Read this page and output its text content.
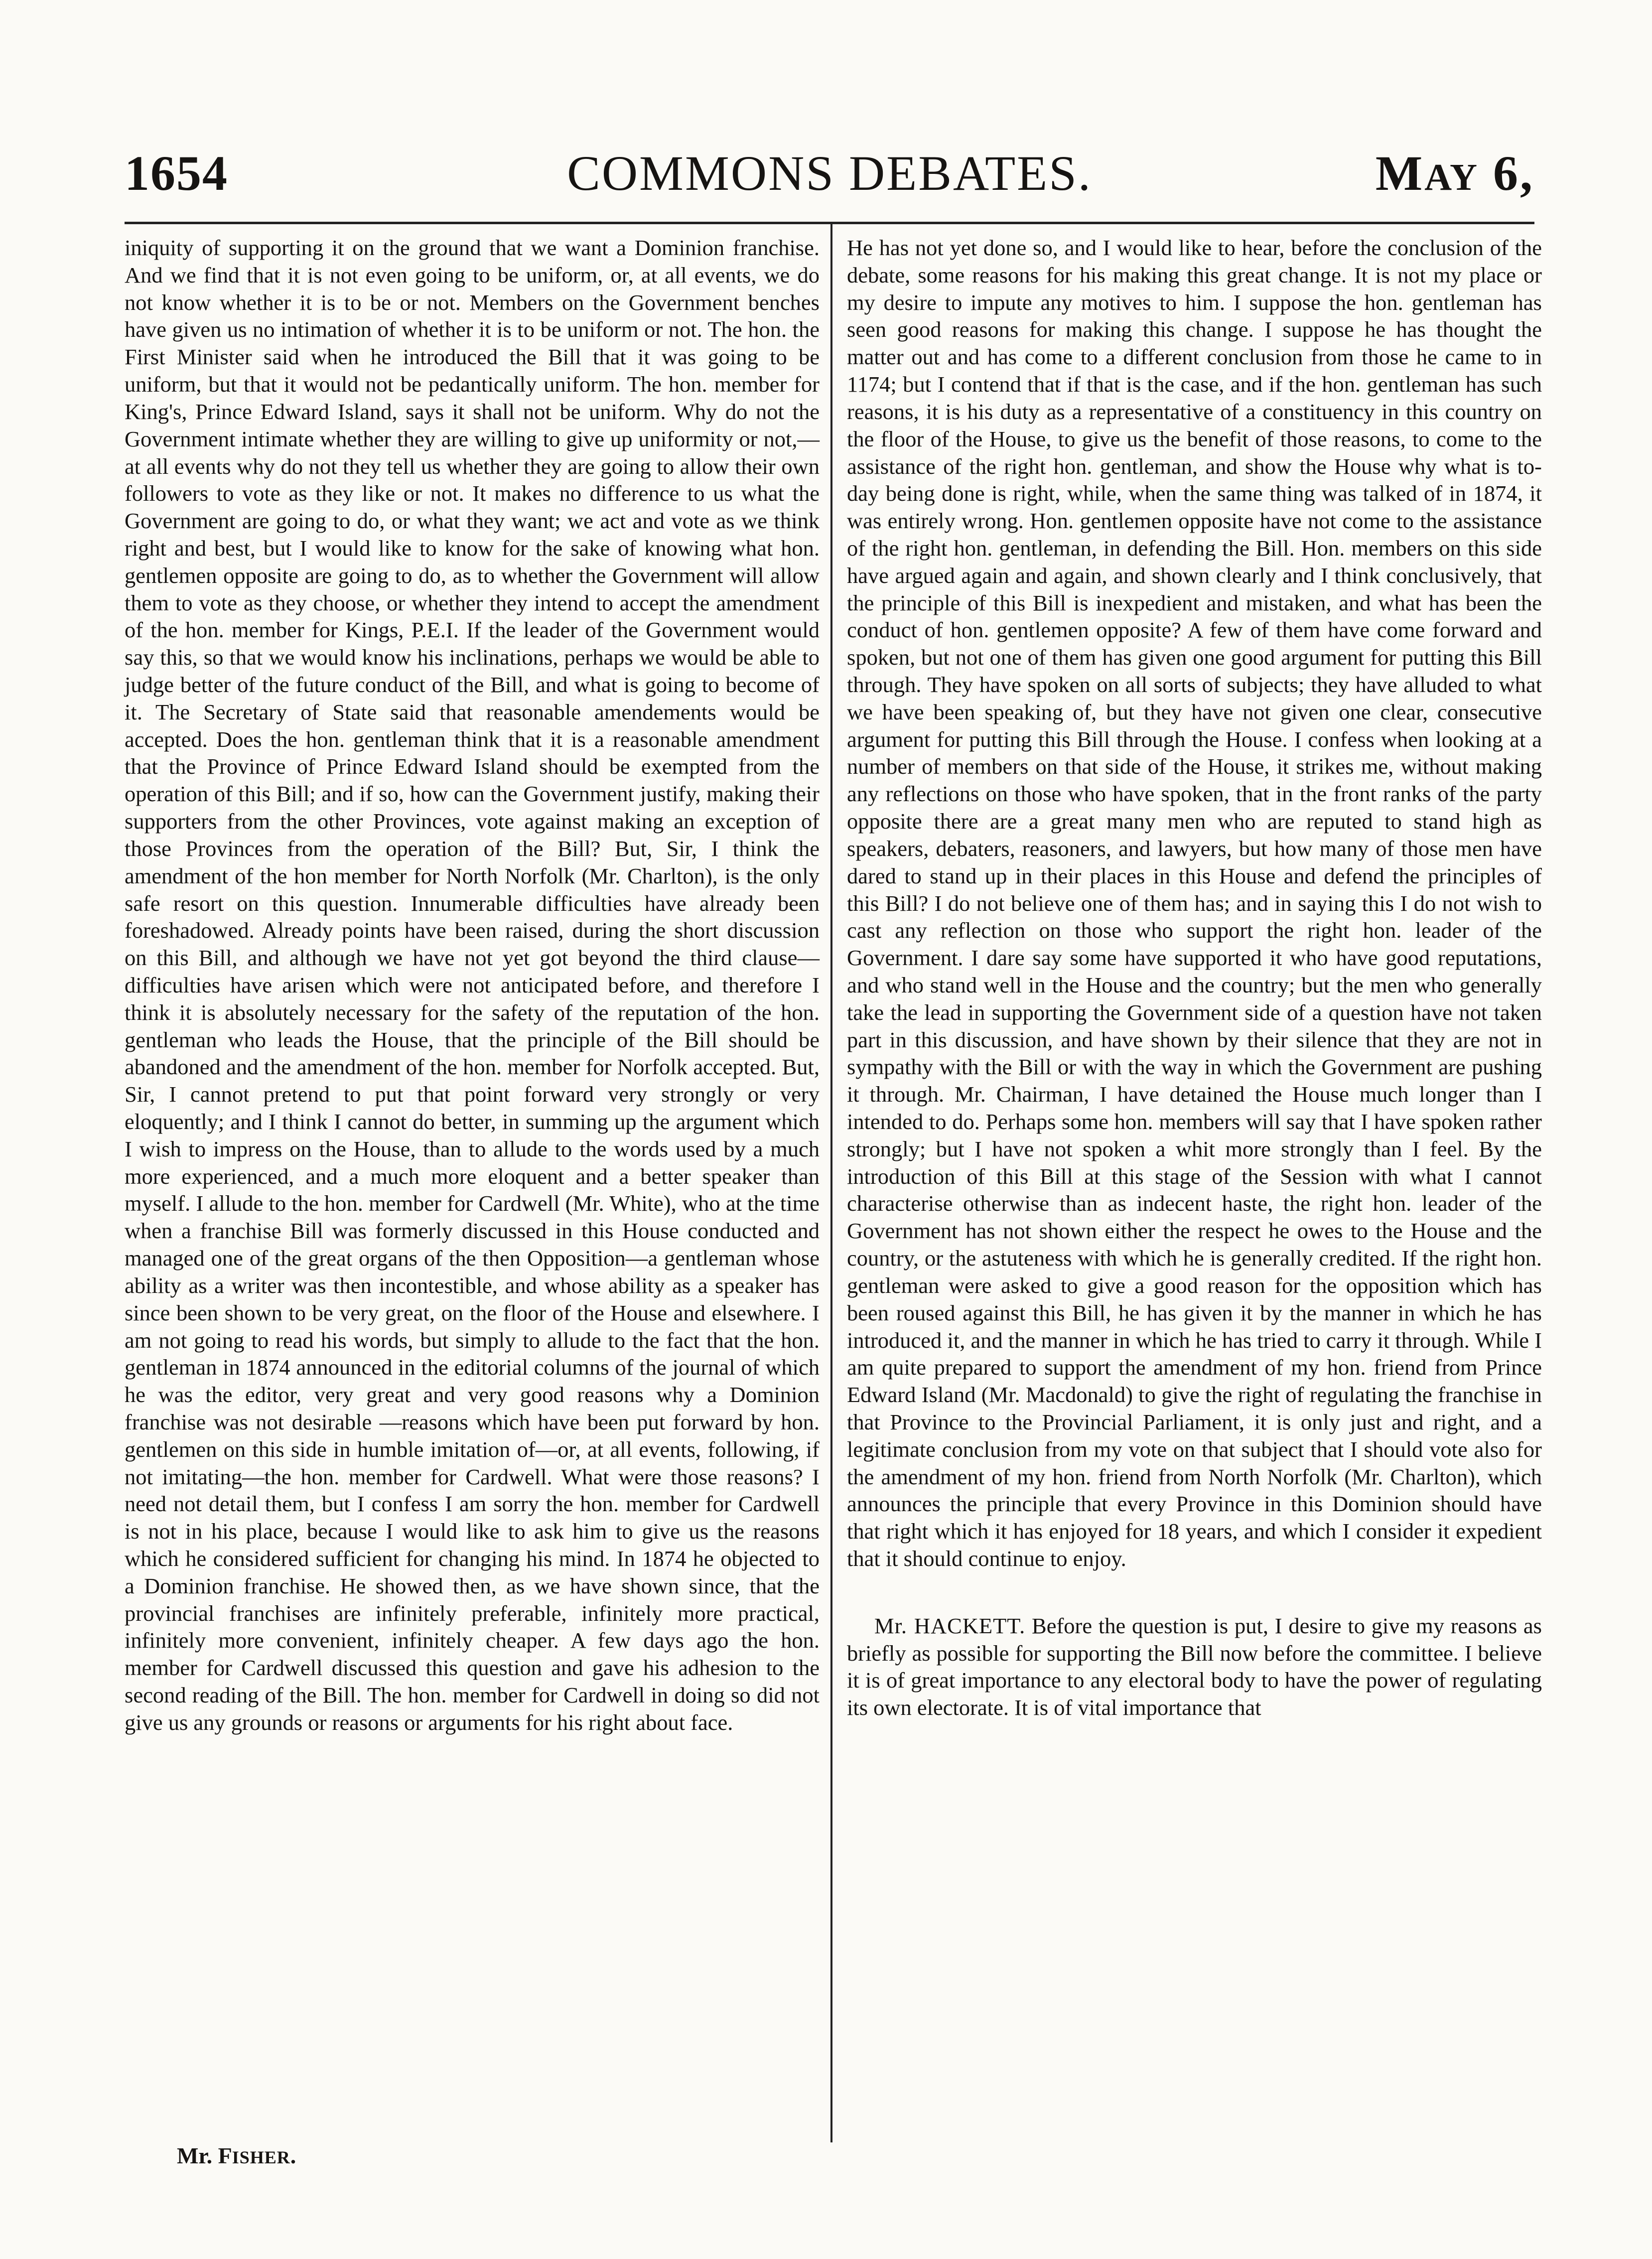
1654	COMMONS DEBATES.	MAY 6,

iniquity of supporting it on the ground that we want a Dominion franchise. And we find that it is not even going to be uniform, or, at all events, we do not know whether it is to be or not. Members on the Government benches have given us no intimation of whether it is to be uniform or not. The hon. the First Minister said when he introduced the Bill that it was going to be uniform, but that it would not be pedantically uniform. The hon. member for King's, Prince Edward Island, says it shall not be uniform. Why do not the Government intimate whether they are willing to give up uniformity or not,—at all events why do not they tell us whether they are going to allow their own followers to vote as they like or not. It makes no difference to us what the Government are going to do, or what they want; we act and vote as we think right and best, but I would like to know for the sake of knowing what hon. gentlemen opposite are going to do, as to whether the Government will allow them to vote as they choose, or whether they intend to accept the amendment of the hon. member for Kings, P.E.I. If the leader of the Government would say this, so that we would know his inclinations, perhaps we would be able to judge better of the future conduct of the Bill, and what is going to become of it. The Secretary of State said that reasonable amendements would be accepted. Does the hon. gentleman think that it is a reasonable amendment that the Province of Prince Edward Island should be exempted from the operation of this Bill; and if so, how can the Government justify, making their supporters from the other Provinces, vote against making an exception of those Provinces from the operation of the Bill? But, Sir, I think the amendment of the hon member for North Norfolk (Mr. Charlton), is the only safe resort on this question. Innumerable difficulties have already been foreshadowed. Already points have been raised, during the short discussion on this Bill, and although we have not yet got beyond the third clause—difficulties have arisen which were not anticipated before, and therefore I think it is absolutely necessary for the safety of the reputation of the hon. gentleman who leads the House, that the principle of the Bill should be abandoned and the amendment of the hon. member for Norfolk accepted. But, Sir, I cannot pretend to put that point forward very strongly or very eloquently; and I think I cannot do better, in summing up the argument which I wish to impress on the House, than to allude to the words used by a much more experienced, and a much more eloquent and a better speaker than myself. I allude to the hon. member for Cardwell (Mr. White), who at the time when a franchise Bill was formerly discussed in this House conducted and managed one of the great organs of the then Opposition—a gentleman whose ability as a writer was then incontestible, and whose ability as a speaker has since been shown to be very great, on the floor of the House and elsewhere. I am not going to read his words, but simply to allude to the fact that the hon. gentleman in 1874 announced in the editorial columns of the journal of which he was the editor, very great and very good reasons why a Dominion franchise was not desirable —reasons which have been put forward by hon. gentlemen on this side in humble imitation of—or, at all events, following, if not imitating—the hon. member for Cardwell. What were those reasons? I need not detail them, but I confess I am sorry the hon. member for Cardwell is not in his place, because I would like to ask him to give us the reasons which he considered sufficient for changing his mind. In 1874 he objected to a Dominion franchise. He showed then, as we have shown since, that the provincial franchises are infinitely preferable, infinitely more practical, infinitely more convenient, infinitely cheaper. A few days ago the hon. member for Cardwell discussed this question and gave his adhesion to the second reading of the Bill. The hon. member for Cardwell in doing so did not give us any grounds or reasons or arguments for his right about face.

He has not yet done so, and I would like to hear, before the conclusion of the debate, some reasons for his making this great change. It is not my place or my desire to impute any motives to him. I suppose the hon. gentleman has seen good reasons for making this change. I suppose he has thought the matter out and has come to a different conclusion from those he came to in 1174; but I contend that if that is the case, and if the hon. gentleman has such reasons, it is his duty as a representative of a constituency in this country on the floor of the House, to give us the benefit of those reasons, to come to the assistance of the right hon. gentleman, and show the House why what is to-day being done is right, while, when the same thing was talked of in 1874, it was entirely wrong. Hon. gentlemen opposite have not come to the assistance of the right hon. gentleman, in defending the Bill. Hon. members on this side have argued again and again, and shown clearly and I think conclusively, that the principle of this Bill is inexpedient and mistaken, and what has been the conduct of hon. gentlemen opposite? A few of them have come forward and spoken, but not one of them has given one good argument for putting this Bill through. They have spoken on all sorts of subjects; they have alluded to what we have been speaking of, but they have not given one clear, consecutive argument for putting this Bill through the House. I confess when looking at a number of members on that side of the House, it strikes me, without making any reflections on those who have spoken, that in the front ranks of the party opposite there are a great many men who are reputed to stand high as speakers, debaters, reasoners, and lawyers, but how many of those men have dared to stand up in their places in this House and defend the principles of this Bill? I do not believe one of them has; and in saying this I do not wish to cast any reflection on those who support the right hon. leader of the Government. I dare say some have supported it who have good reputations, and who stand well in the House and the country; but the men who generally take the lead in supporting the Government side of a question have not taken part in this discussion, and have shown by their silence that they are not in sympathy with the Bill or with the way in which the Government are pushing it through. Mr. Chairman, I have detained the House much longer than I intended to do. Perhaps some hon. members will say that I have spoken rather strongly; but I have not spoken a whit more strongly than I feel. By the introduction of this Bill at this stage of the Session with what I cannot characterise otherwise than as indecent haste, the right hon. leader of the Government has not shown either the respect he owes to the House and the country, or the astuteness with which he is generally credited. If the right hon. gentleman were asked to give a good reason for the opposition which has been roused against this Bill, he has given it by the manner in which he has introduced it, and the manner in which he has tried to carry it through. While I am quite prepared to support the amendment of my hon. friend from Prince Edward Island (Mr. Macdonald) to give the right of regulating the franchise in that Province to the Provincial Parliament, it is only just and right, and a legitimate conclusion from my vote on that subject that I should vote also for the amendment of my hon. friend from North Norfolk (Mr. Charlton), which announces the principle that every Province in this Dominion should have that right which it has enjoyed for 18 years, and which I consider it expedient that it should continue to enjoy.

Mr. HACKETT. Before the question is put, I desire to give my reasons as briefly as possible for supporting the Bill now before the committee. I believe it is of great importance to any electoral body to have the power of regulating its own electorate. It is of vital importance that

Mr. FISHER.
